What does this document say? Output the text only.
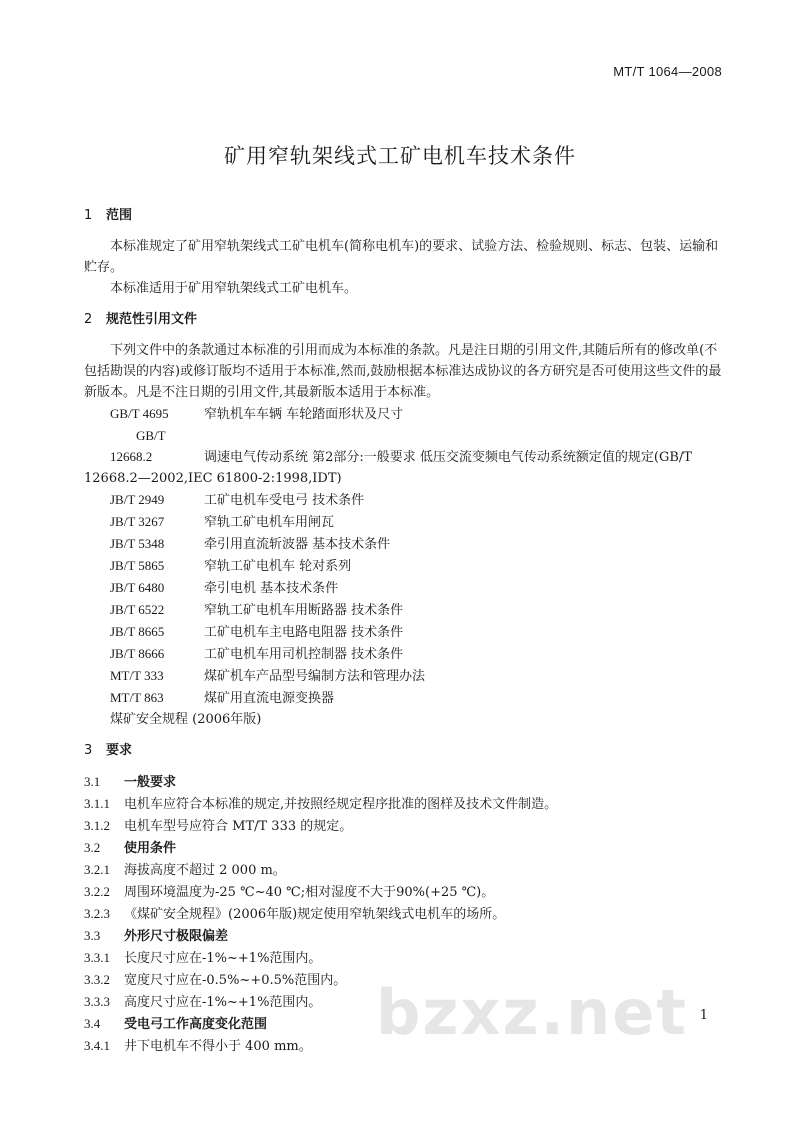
MT/T 1064—2008
矿用窄轨架线式工矿电机车技术条件

1 范围

本标准规定了矿用窄轨架线式工矿电机车(简称电机车)的要求、试验方法、检验规则、标志、包装、运输和贮存。

本标准适用于矿用窄轨架线式工矿电机车。

2 规范性引用文件

下列文件中的条款通过本标准的引用而成为本标准的条款。凡是注日期的引用文件,其随后所有的修改单(不包括勘误的内容)或修订版均不适用于本标准,然而,鼓励根据本标准达成协议的各方研究是否可使用这些文件的最新版本。凡是不注日期的引用文件,其最新版本适用于本标准。

GB/T 4695	窄轨机车车辆 车轮踏面形状及尺寸

GB/T 12668.2	调速电气传动系统 第2部分:一般要求 低压交流变频电气传动系统额定值的规定(GB/T 12668.2—2002,IEC 61800-2:1998,IDT)

JB/T 2949	工矿电机车受电弓 技术条件

JB/T 3267	窄轨工矿电机车用闸瓦

JB/T 5348	牵引用直流斩波器 基本技术条件

JB/T 5865	窄轨工矿电机车 轮对系列

JB/T 6480	牵引电机 基本技术条件

JB/T 6522	窄轨工矿电机车用断路器 技术条件

JB/T 8665	工矿电机车主电路电阻器 技术条件

JB/T 8666	工矿电机车用司机控制器 技术条件

MT/T 333	煤矿机车产品型号编制方法和管理办法

MT/T 863	煤矿用直流电源变换器

煤矿安全规程 (2006年版)

3 要求

3.1 一般要求

3.1.1 电机车应符合本标准的规定,并按照经规定程序批准的图样及技术文件制造。

3.1.2 电机车型号应符合 MT/T 333 的规定。

3.2 使用条件

3.2.1 海拔高度不超过 2 000 m。

3.2.2 周围环境温度为-25 ℃~40 ℃;相对湿度不大于90%(+25 ℃)。

3.2.3 《煤矿安全规程》(2006年版)规定使用窄轨架线式电机车的场所。

3.3 外形尺寸极限偏差

3.3.1 长度尺寸应在-1%~+1%范围内。

3.3.2 宽度尺寸应在-0.5%~+0.5%范围内。

3.3.3 高度尺寸应在-1%~+1%范围内。

3.4 受电弓工作高度变化范围

3.4.1 井下电机车不得小于 400 mm。	bzxz.net 1
